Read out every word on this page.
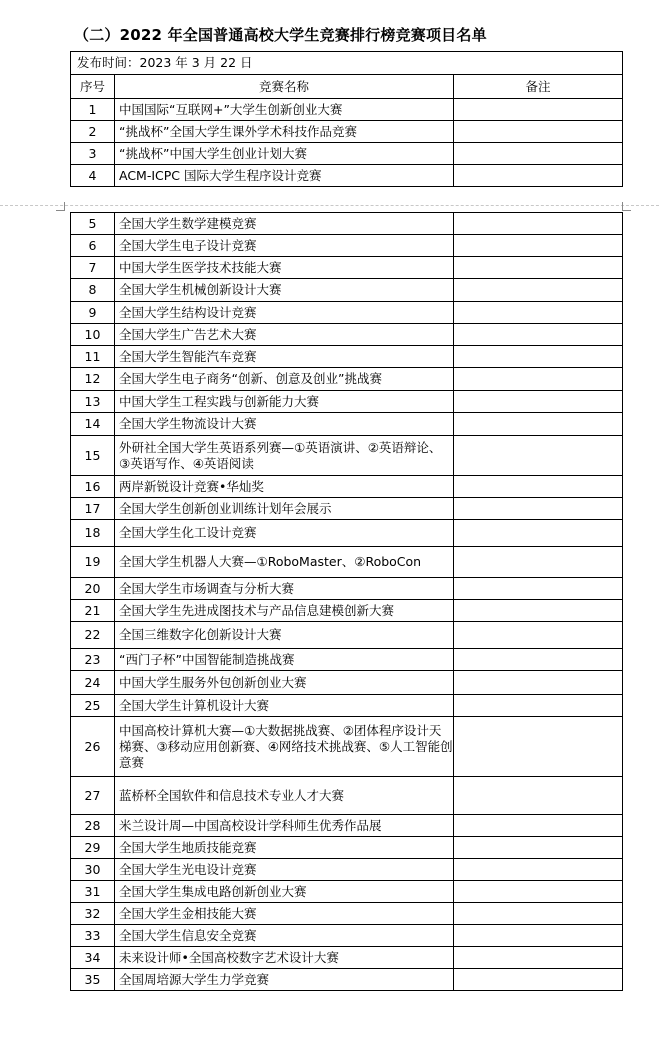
（二）2022 年全国普通高校大学生竞赛排行榜竞赛项目名单
发布时间：2023 年 3 月 22 日		
序号	竞赛名称	备注
1	中国国际“互联网+”大学生创新创业大赛	
2	“挑战杯”全国大学生课外学术科技作品竞赛	
3	“挑战杯”中国大学生创业计划大赛	
4	ACM-ICPC 国际大学生程序设计竞赛	
5	全国大学生数学建模竞赛	
6	全国大学生电子设计竞赛	
7	中国大学生医学技术技能大赛	
8	全国大学生机械创新设计大赛	
9	全国大学生结构设计竞赛	
10	全国大学生广告艺术大赛	
11	全国大学生智能汽车竞赛	
12	全国大学生电子商务“创新、创意及创业”挑战赛	
13	中国大学生工程实践与创新能力大赛	
14	全国大学生物流设计大赛	
15	外研社全国大学生英语系列赛—①英语演讲、②英语辩论、 ③英语写作、④英语阅读	
16	两岸新锐设计竞赛•华灿奖	
17	全国大学生创新创业训练计划年会展示	
18	全国大学生化工设计竞赛	
19	全国大学生机器人大赛—①RoboMaster、②RoboCon	
20	全国大学生市场调查与分析大赛	
21	全国大学生先进成图技术与产品信息建模创新大赛	
22	全国三维数字化创新设计大赛	
23	“西门子杯”中国智能制造挑战赛	
24	中国大学生服务外包创新创业大赛	
25	全国大学生计算机设计大赛	
26	中国高校计算机大赛—①大数据挑战赛、②团体程序设计天梯赛、③移动应用创新赛、④网络技术挑战赛、⑤人工智能创意赛	
27	蓝桥杯全国软件和信息技术专业人才大赛	
28	米兰设计周—中国高校设计学科师生优秀作品展	
29	全国大学生地质技能竞赛	
30	全国大学生光电设计竞赛	
31	全国大学生集成电路创新创业大赛	
32	全国大学生金相技能大赛	
33	全国大学生信息安全竞赛	
34	未来设计师•全国高校数字艺术设计大赛	
35	全国周培源大学生力学竞赛	
